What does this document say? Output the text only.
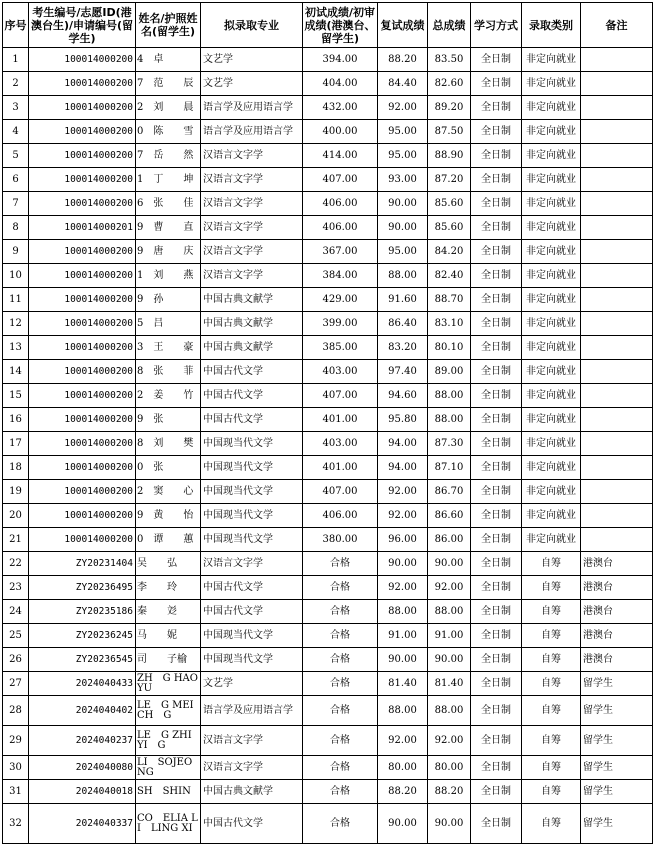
序号	考生编号/志愿ID(港澳台生)/申请编号(留学生)	姓名/护照姓名(留学生)	拟录取专业	初试成绩/初审成绩(港澳台、留学生)	复试成绩	总成绩	学习方式	录取类别	备注
1	100014000200	4　卓	文艺学	394.00	88.20	83.50	全日制	非定向就业	
2	100014000200	7　范　　辰	文艺学	404.00	84.40	82.60	全日制	非定向就业	
3	100014000200	2　刘　　晨	语言学及应用语言学	432.00	92.00	89.20	全日制	非定向就业	
4	100014000200	0　陈　　雪	语言学及应用语言学	400.00	95.00	87.50	全日制	非定向就业	
5	100014000200	7　岳　　然	汉语言文字学	414.00	95.00	88.90	全日制	非定向就业	
6	100014000200	1　丁　　坤	汉语言文字学	407.00	93.00	87.20	全日制	非定向就业	
7	100014000200	6　张　　佳	汉语言文字学	406.00	90.00	85.60	全日制	非定向就业	
8	100014000201	9　曹　　直	汉语言文字学	406.00	90.00	85.60	全日制	非定向就业	
9	100014000200	9　唐　　庆	汉语言文字学	367.00	95.00	84.20	全日制	非定向就业	
10	100014000200	1　刘　　燕	汉语言文字学	384.00	88.00	82.40	全日制	非定向就业	
11	100014000200	9　孙	中国古典文献学	429.00	91.60	88.70	全日制	非定向就业	
12	100014000200	5　吕	中国古典文献学	399.00	86.40	83.10	全日制	非定向就业	
13	100014000200	3　王　　豪	中国古典文献学	385.00	83.20	80.10	全日制	非定向就业	
14	100014000200	8　张　　菲	中国古代文学	403.00	97.40	89.00	全日制	非定向就业	
15	100014000200	2　姜　　竹	中国古代文学	407.00	94.60	88.00	全日制	非定向就业	
16	100014000200	9　张	中国古代文学	401.00	95.80	88.00	全日制	非定向就业	
17	100014000200	8　刘　　樊	中国现当代文学	403.00	94.00	87.30	全日制	非定向就业	
18	100014000200	0　张	中国现当代文学	401.00	94.00	87.10	全日制	非定向就业	
19	100014000200	2　窦　　心	中国现当代文学	407.00	92.00	86.70	全日制	非定向就业	
20	100014000200	9　黄　　怡	中国现当代文学	406.00	92.00	86.60	全日制	非定向就业	
21	100014000200	0　谭　　蕙	中国现当代文学	380.00	96.00	86.00	全日制	非定向就业	
22	ZY20231404	吴　　弘	汉语言文字学	合格	90.00	90.00	全日制	自筹	港澳台
23	ZY20236495	李　　玲	中国古代文学	合格	92.00	92.00	全日制	自筹	港澳台
24	ZY20235186	秦　　彣	中国古代文学	合格	88.00	88.00	全日制	自筹	港澳台
25	ZY20236245	马　　妮	中国现当代文学	合格	91.00	91.00	全日制	自筹	港澳台
26	ZY20236545	司　　子榆	中国现当代文学	合格	90.00	90.00	全日制	自筹	港澳台
27	2024040433	ZH　G HAOYU	文艺学	合格	81.40	81.40	全日制	自筹	留学生
28	2024040402	LE　G MEI CH　G	语言学及应用语言学	合格	88.00	88.00	全日制	自筹	留学生
29	2024040237	LE　G ZHI YI　G	汉语言文字学	合格	92.00	92.00	全日制	自筹	留学生
30	2024040080	LI　SOJEONG	汉语言文字学	合格	80.00	80.00	全日制	自筹	留学生
31	2024040018	SH　SHIN	中国古典文献学	合格	88.20	88.20	全日制	自筹	留学生
32	2024040337	CO　ELIA LI　LING XI	中国古代文学	合格	90.00	90.00	全日制	自筹	留学生
